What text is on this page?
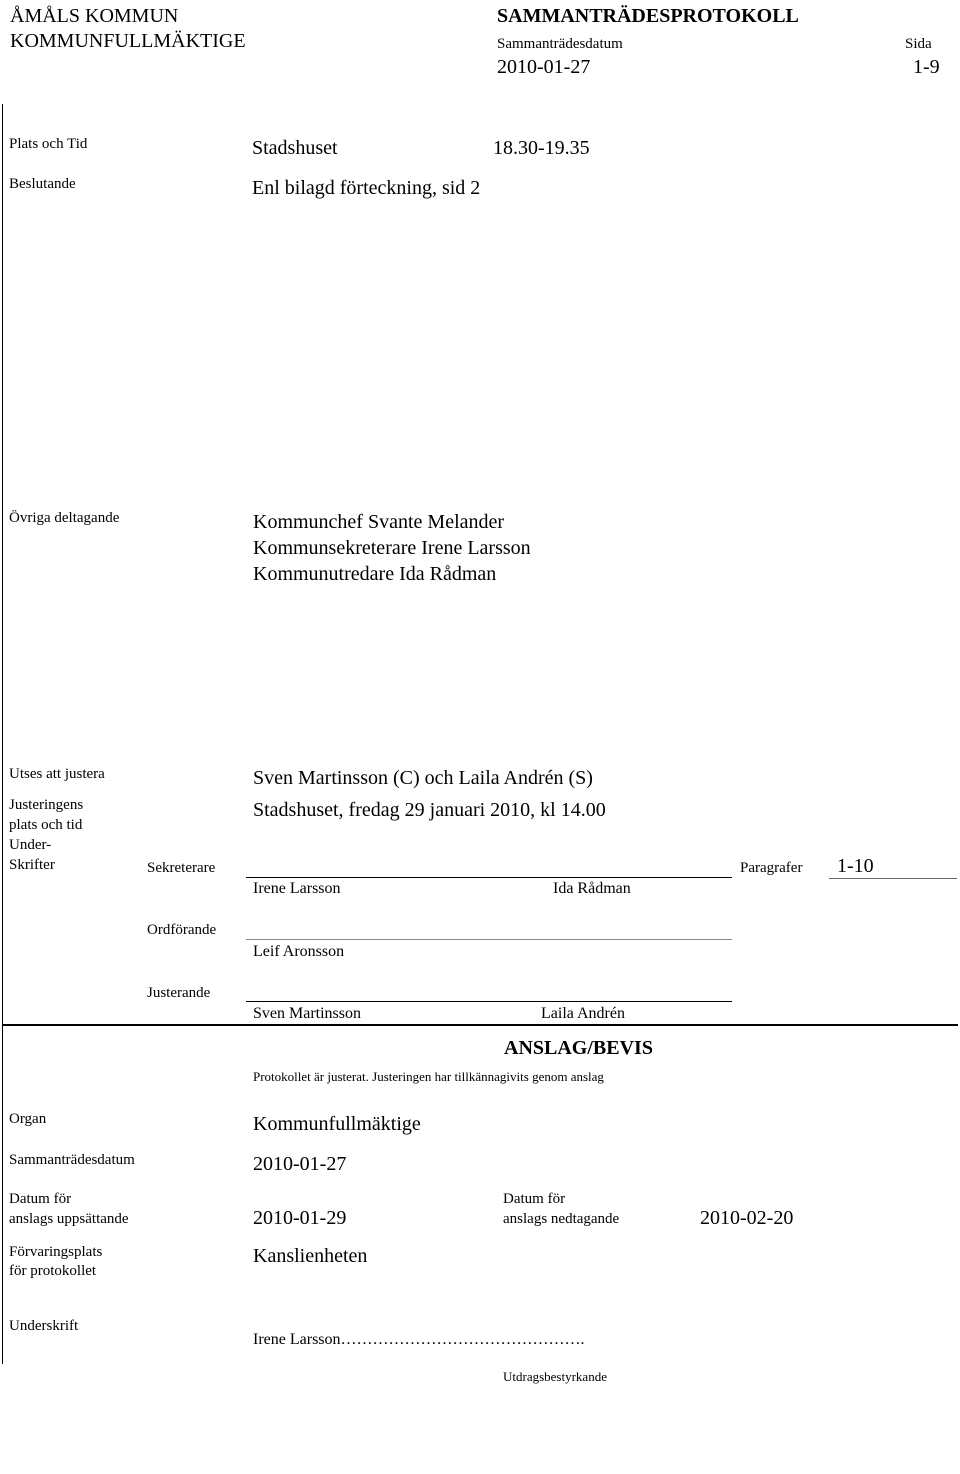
ÅMÅLS KOMMUN
KOMMUNFULLMÄKTIGE
SAMMANTRÄDESPROTOKOLL
Sammanträdesdatum
2010-01-27
Sida
1-9
Plats och Tid	Stadshuset	18.30-19.35
Beslutande	Enl bilagd förteckning, sid 2
Övriga deltagande	Kommunchef Svante Melander
Kommunsekreterare Irene Larsson
Kommunutredare Ida Rådman
Utses att justera	Sven Martinsson (C) och Laila Andrén (S)
Justeringens
plats och tid
Stadshuset, fredag 29 januari 2010, kl 14.00
Under-
Skrifter	Sekreterare
Irene Larsson	Ida Rådman
Paragrafer 1-10
Ordförande
Leif Aronsson
Justerande
Sven Martinsson	Laila Andrén
ANSLAG/BEVIS
Protokollet är justerat. Justeringen har tillkännagivits genom anslag
Organ	Kommunfullmäktige
Sammanträdesdatum	2010-01-27
Datum för
anslags uppsättande	2010-01-29
Datum för
anslags nedtagande	2010-02-20
Förvaringsplats
för protokollet
Kanslienheten
Underskrift
Irene Larsson……………………………………….
Utdragsbestyrkande
